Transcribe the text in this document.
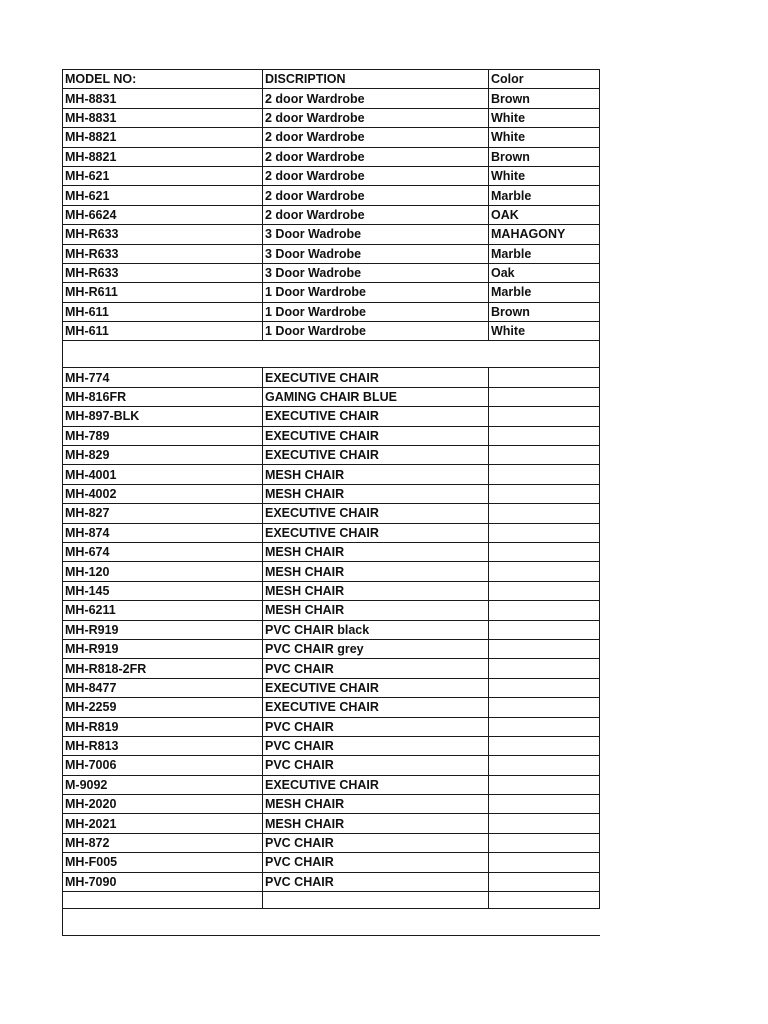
MODEL NO:	DISCRIPTION	Color
MH-8831	2 door Wardrobe	Brown
MH-8831	2 door Wardrobe	White
MH-8821	2 door Wardrobe	White
MH-8821	2 door Wardrobe	Brown
MH-621	2 door Wardrobe	White
MH-621	2 door Wardrobe	Marble
MH-6624	2 door Wardrobe	OAK
MH-R633	3 Door Wadrobe	MAHAGONY
MH-R633	3 Door Wadrobe	Marble
MH-R633	3 Door Wadrobe	Oak
MH-R611	1 Door Wardrobe	Marble
MH-611	1 Door Wardrobe	Brown
MH-611	1 Door Wardrobe	White

MH-774	EXECUTIVE CHAIR	
MH-816FR	GAMING CHAIR BLUE	
MH-897-BLK	EXECUTIVE CHAIR	
MH-789	EXECUTIVE CHAIR	
MH-829	EXECUTIVE CHAIR	
MH-4001	MESH CHAIR	
MH-4002	MESH CHAIR	
MH-827	EXECUTIVE CHAIR	
MH-874	EXECUTIVE CHAIR	
MH-674	MESH CHAIR	
MH-120	MESH CHAIR	
MH-145	MESH CHAIR	
MH-6211	MESH CHAIR	
MH-R919	PVC CHAIR black	
MH-R919	PVC CHAIR grey	
MH-R818-2FR	PVC CHAIR	
MH-8477	EXECUTIVE CHAIR	
MH-2259	EXECUTIVE CHAIR	
MH-R819	PVC CHAIR	
MH-R813	PVC CHAIR	
MH-7006	PVC CHAIR	
M-9092	EXECUTIVE CHAIR	
MH-2020	MESH CHAIR	
MH-2021	MESH CHAIR	
MH-872	PVC CHAIR	
MH-F005	PVC CHAIR	
MH-7090	PVC CHAIR	
